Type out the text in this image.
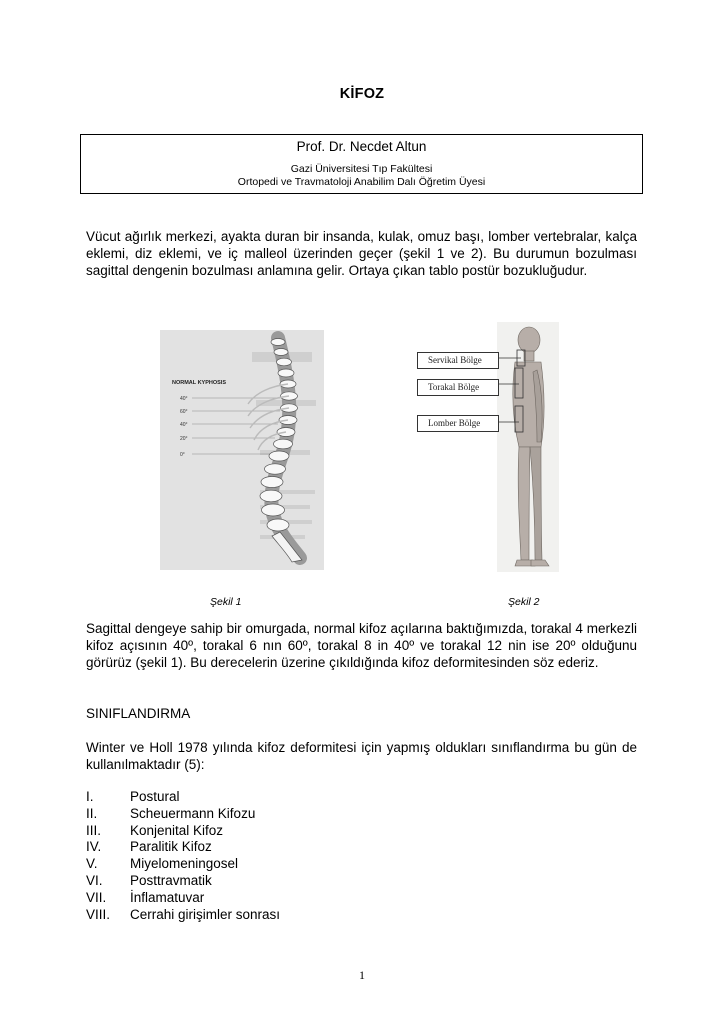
KİFOZ
Prof. Dr. Necdet Altun
Gazi Üniversitesi Tıp Fakültesi
Ortopedi ve Travmatoloji Anabilim Dalı Öğretim Üyesi

Vücut ağırlık merkezi, ayakta duran bir insanda, kulak, omuz başı, lomber vertebralar, kalça eklemi, diz eklemi, ve iç malleol üzerinden geçer (şekil 1 ve 2). Bu durumun bozulması sagittal dengenin bozulması anlamına gelir. Ortaya çıkan tablo postür bozukluğudur.

NORMAL KYPHOSIS
40°
60°
40°
20°
0°
Şekil 1
Servikal Bölge
Torakal Bölge
Lomber Bölge
Şekil 2

Sagittal dengeye sahip bir omurgada, normal kifoz açılarına baktığımızda, torakal 4 merkezli kifoz açısının 40º, torakal 6 nın 60º, torakal 8 in 40º ve torakal 12 nin ise 20º olduğunu görürüz (şekil 1). Bu derecelerin üzerine çıkıldığında kifoz deformitesinden söz ederiz.

SINIFLANDIRMA

Winter ve Holl 1978 yılında kifoz deformitesi için yapmış oldukları sınıflandırma bu gün de kullanılmaktadır (5):

I.	Postural
II.	Scheuermann Kifozu
III.	Konjenital Kifoz
IV.	Paralitik Kifoz
V.	Miyelomeningosel
VI.	Posttravmatik
VII.	İnflamatuvar
VIII.	Cerrahi girişimler sonrası
1
